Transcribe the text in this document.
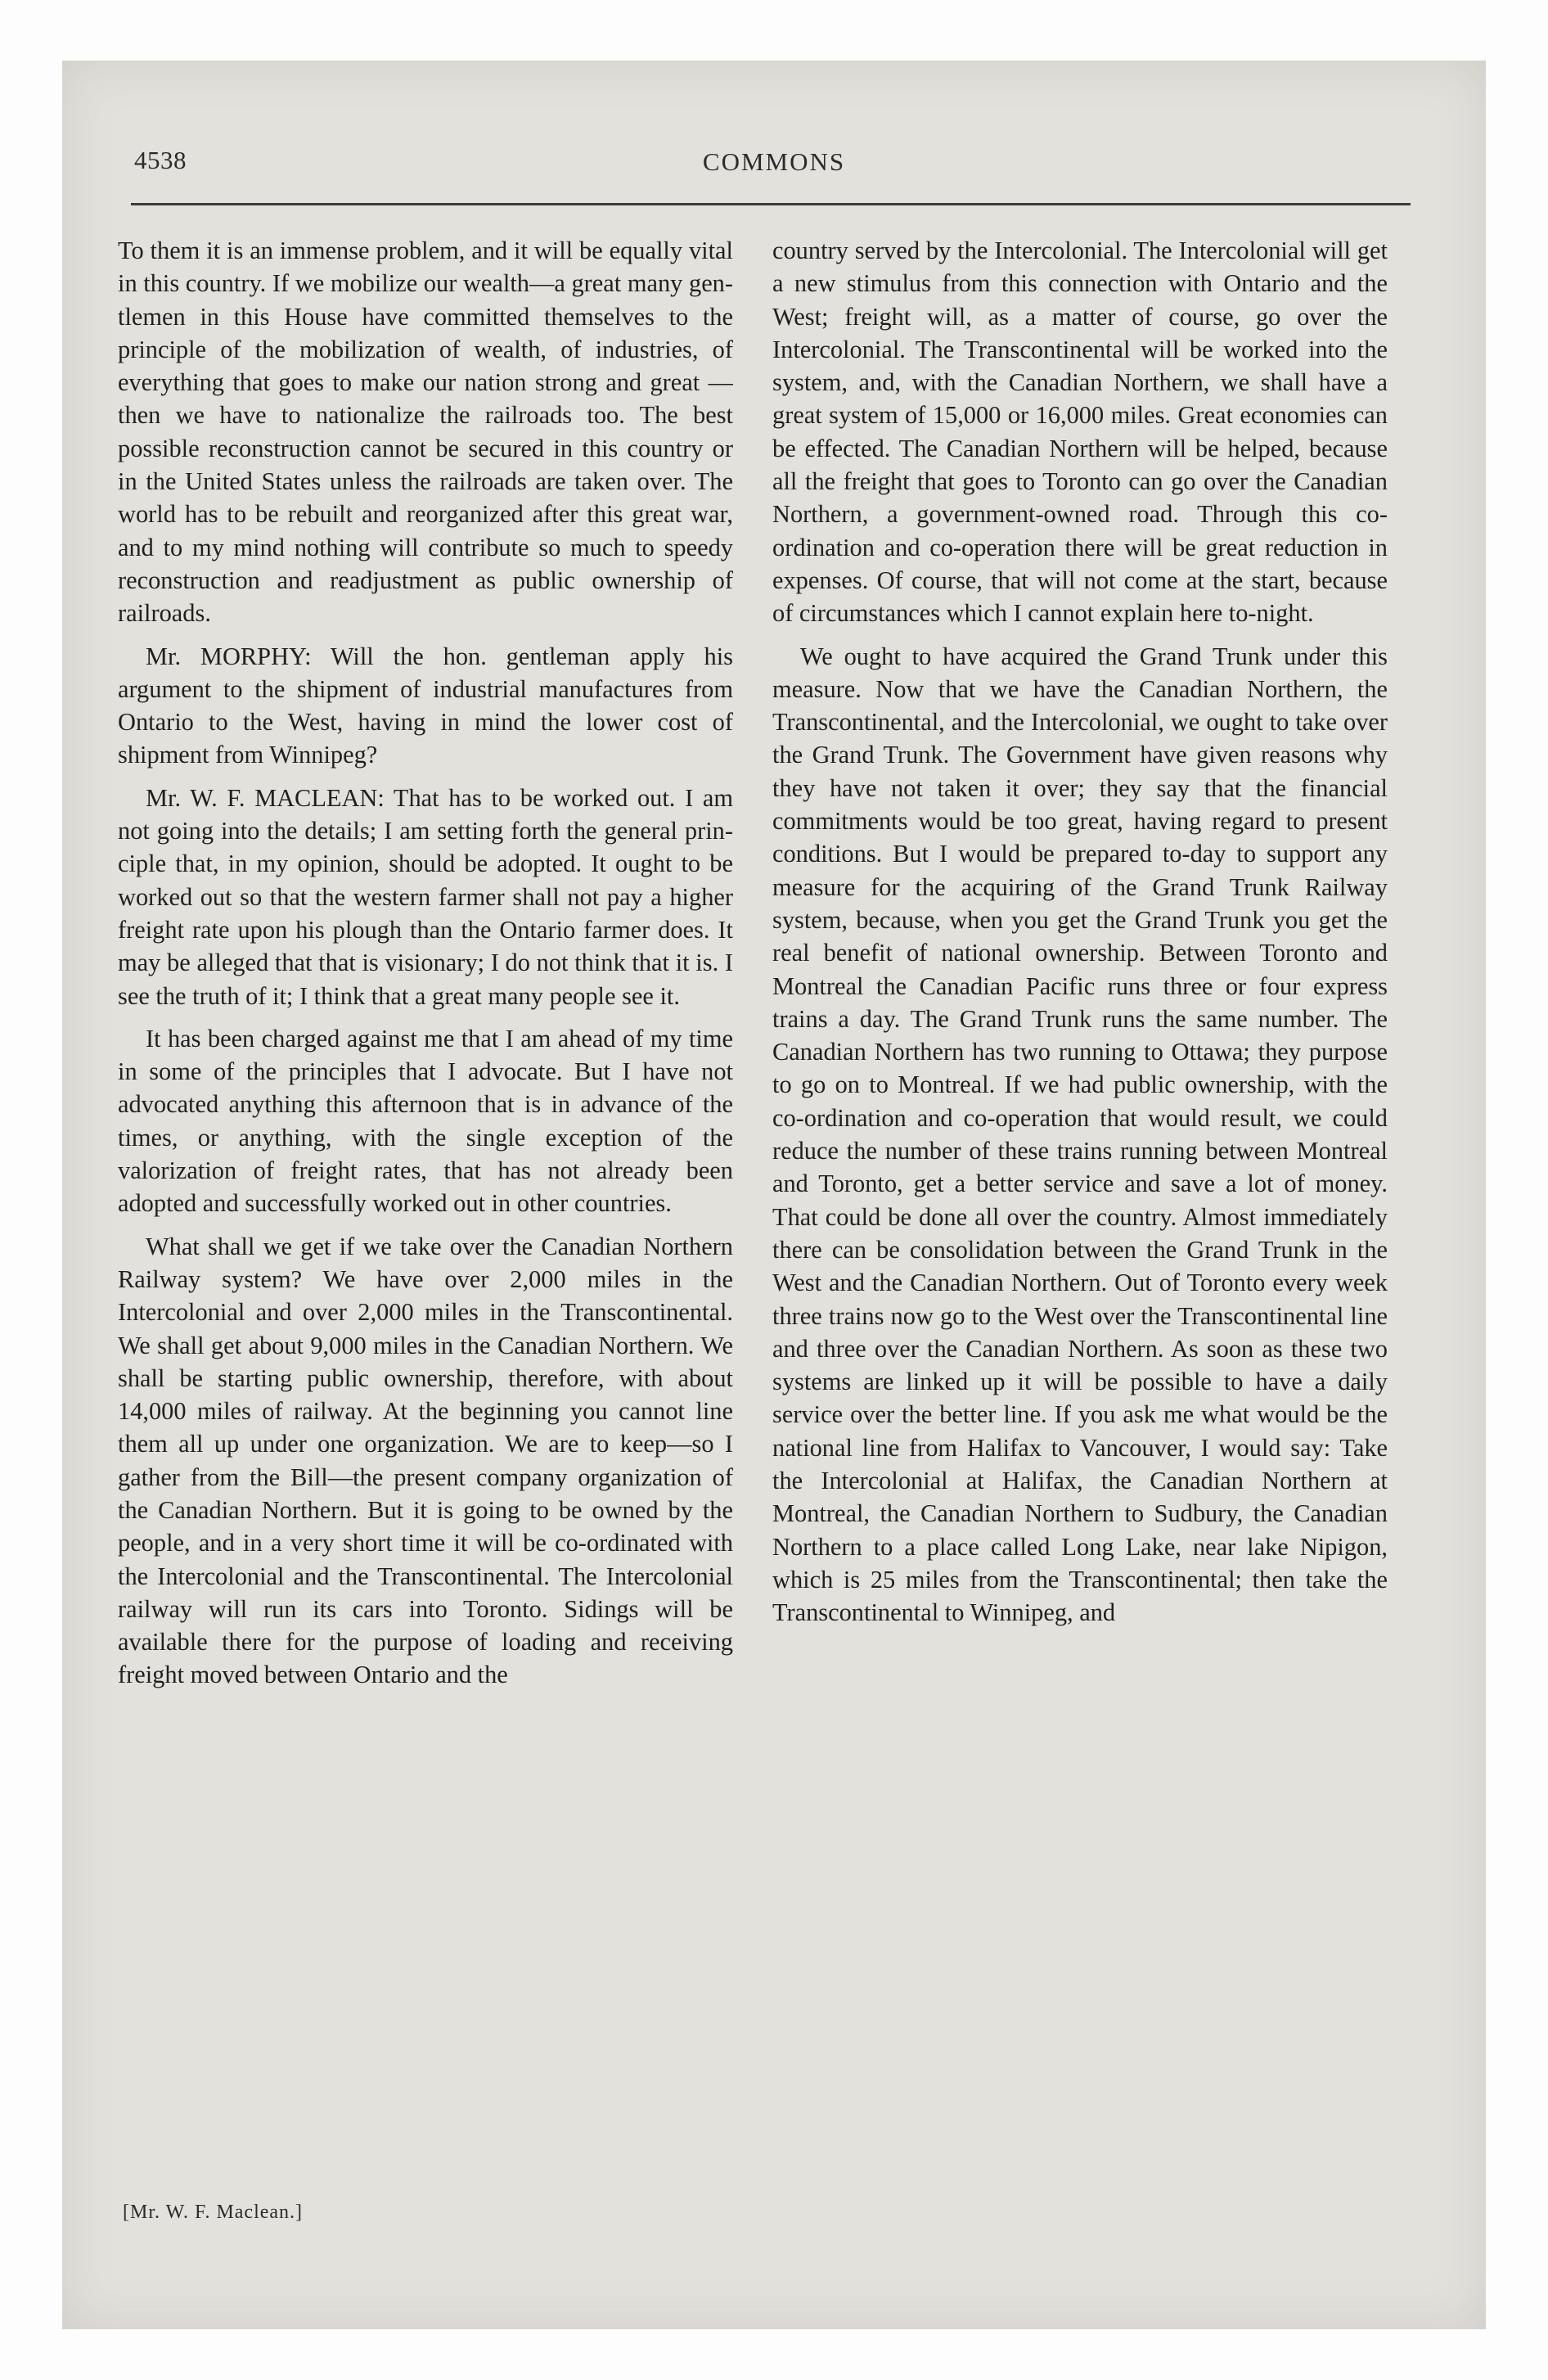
4538	COMMONS

To them it is an immense problem, and it will be equally vital in this country. If we mobilize our wealth—a great many gentlemen in this House have committed themselves to the principle of the mobilization of wealth, of industries, of everything that goes to make our nation strong and great —then we have to nationalize the railroads too. The best possible reconstruction cannot be secured in this country or in the United States unless the railroads are taken over. The world has to be rebuilt and reorganized after this great war, and to my mind nothing will contribute so much to speedy reconstruction and readjustment as public ownership of railroads.

Mr. MORPHY: Will the hon. gentleman apply his argument to the shipment of industrial manufactures from Ontario to the West, having in mind the lower cost of shipment from Winnipeg?

Mr. W. F. MACLEAN: That has to be worked out. I am not going into the details; I am setting forth the general principle that, in my opinion, should be adopted. It ought to be worked out so that the western farmer shall not pay a higher freight rate upon his plough than the Ontario farmer does. It may be alleged that that is visionary; I do not think that it is. I see the truth of it; I think that a great many people see it.

It has been charged against me that I am ahead of my time in some of the principles that I advocate. But I have not advocated anything this afternoon that is in advance of the times, or anything, with the single exception of the valorization of freight rates, that has not already been adopted and successfully worked out in other countries.

What shall we get if we take over the Canadian Northern Railway system? We have over 2,000 miles in the Intercolonial and over 2,000 miles in the Transcontinental. We shall get about 9,000 miles in the Canadian Northern. We shall be starting public ownership, therefore, with about 14,000 miles of railway. At the beginning you cannot line them all up under one organization. We are to keep—so I gather from the Bill—the present company organization of the Canadian Northern. But it is going to be owned by the people, and in a very short time it will be co-ordinated with the Intercolonial and the Transcontinental. The Intercolonial railway will run its cars into Toronto. Sidings will be available there for the purpose of loading and receiving freight moved between Ontario and the

country served by the Intercolonial. The Intercolonial will get a new stimulus from this connection with Ontario and the West; freight will, as a matter of course, go over the Intercolonial. The Transcontinental will be worked into the system, and, with the Canadian Northern, we shall have a great system of 15,000 or 16,000 miles. Great economies can be effected. The Canadian Northern will be helped, because all the freight that goes to Toronto can go over the Canadian Northern, a government-owned road. Through this co-ordination and co-operation there will be great reduction in expenses. Of course, that will not come at the start, because of circumstances which I cannot explain here to-night.

We ought to have acquired the Grand Trunk under this measure. Now that we have the Canadian Northern, the Transcontinental, and the Intercolonial, we ought to take over the Grand Trunk. The Government have given reasons why they have not taken it over; they say that the financial commitments would be too great, having regard to present conditions. But I would be prepared to-day to support any measure for the acquiring of the Grand Trunk Railway system, because, when you get the Grand Trunk you get the real benefit of national ownership. Between Toronto and Montreal the Canadian Pacific runs three or four express trains a day. The Grand Trunk runs the same number. The Canadian Northern has two running to Ottawa; they purpose to go on to Montreal. If we had public ownership, with the co-ordination and co-operation that would result, we could reduce the number of these trains running between Montreal and Toronto, get a better service and save a lot of money. That could be done all over the country. Almost immediately there can be consolidation between the Grand Trunk in the West and the Canadian Northern. Out of Toronto every week three trains now go to the West over the Transcontinental line and three over the Canadian Northern. As soon as these two systems are linked up it will be possible to have a daily service over the better line. If you ask me what would be the national line from Halifax to Vancouver, I would say: Take the Intercolonial at Halifax, the Canadian Northern at Montreal, the Canadian Northern to Sudbury, the Canadian Northern to a place called Long Lake, near lake Nipigon, which is 25 miles from the Transcontinental; then take the Transcontinental to Winnipeg, and

[Mr. W. F. Maclean.]
